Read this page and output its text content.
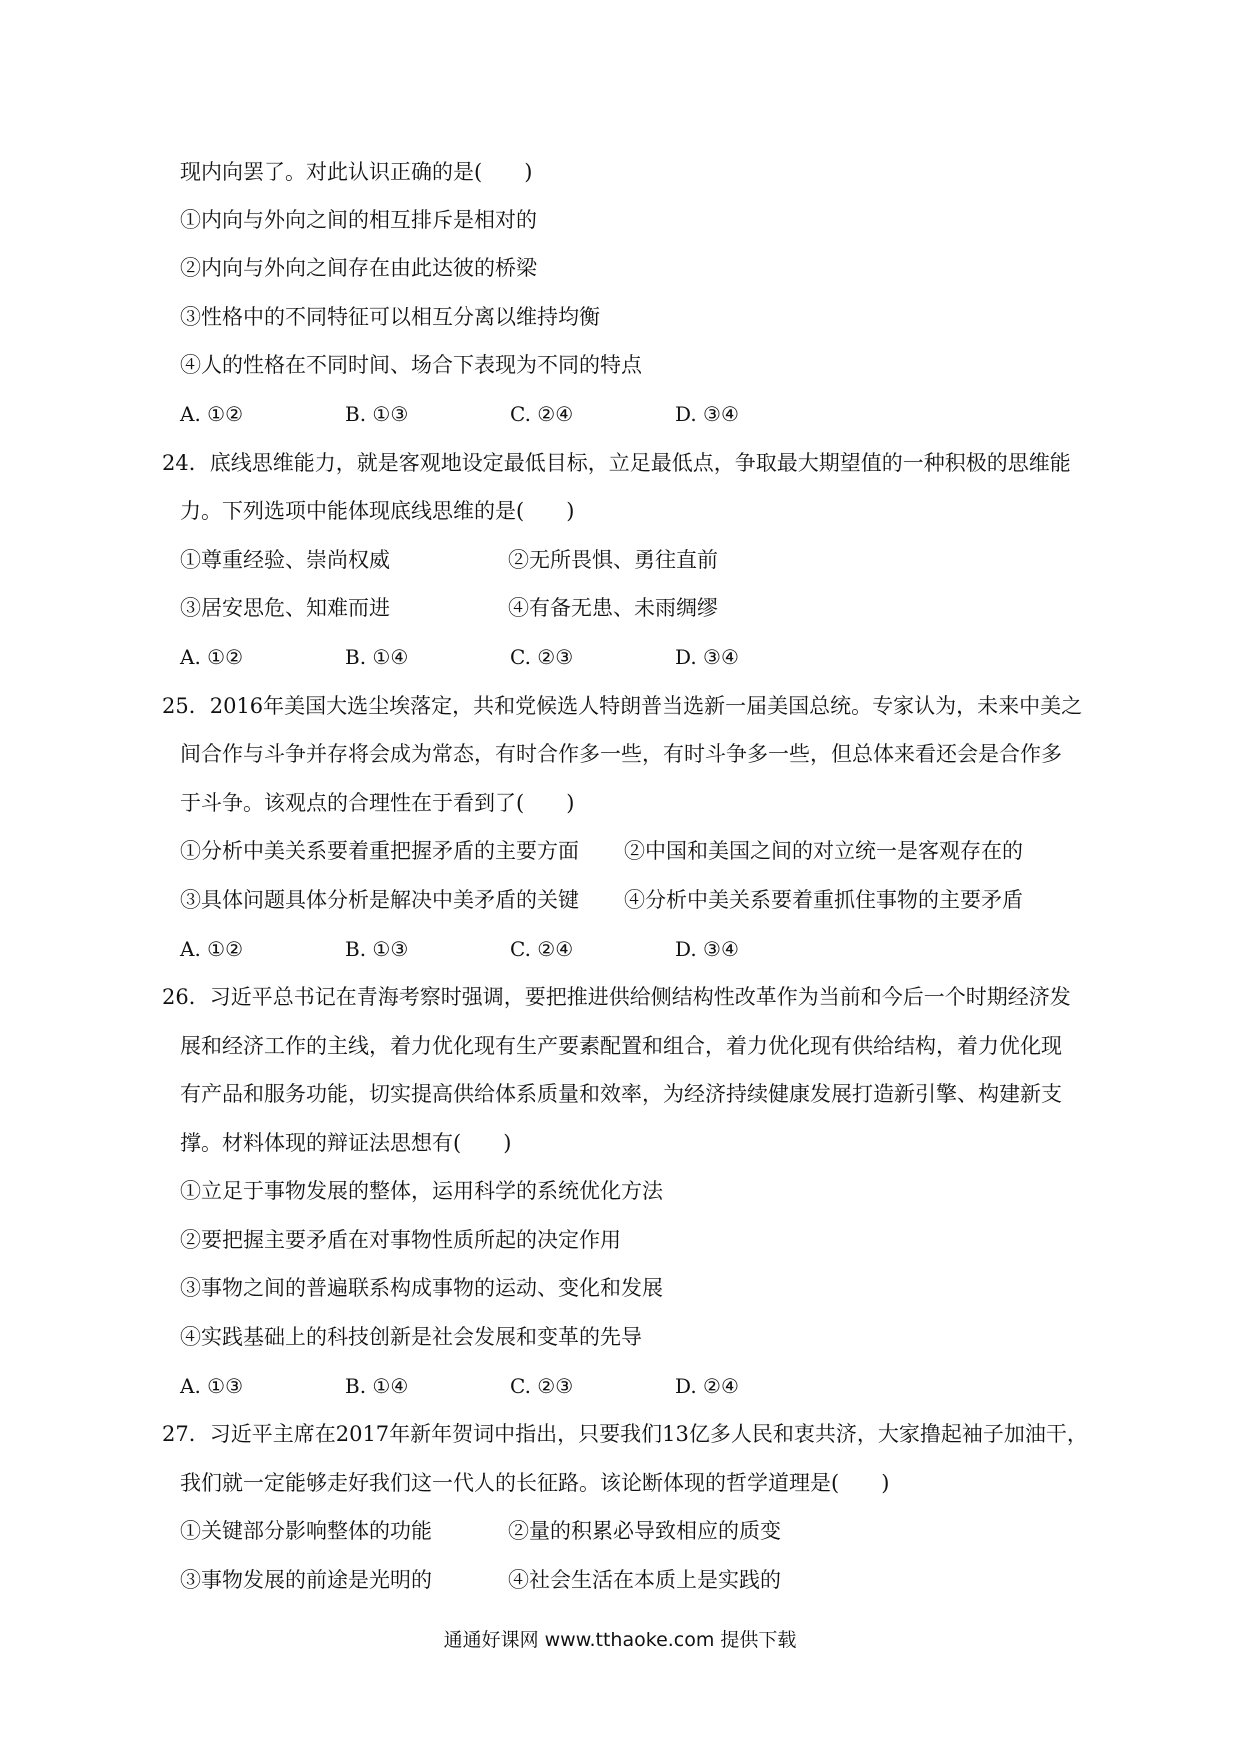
现内向罢了。对此认识正确的是(　　)
①内向与外向之间的相互排斥是相对的
②内向与外向之间存在由此达彼的桥梁
③性格中的不同特征可以相互分离以维持均衡
④人的性格在不同时间、场合下表现为不同的特点
A. ①②	B. ①③	C. ②④	D. ③④
24．底线思维能力，就是客观地设定最低目标，立足最低点，争取最大期望值的一种积极的思维能
力。下列选项中能体现底线思维的是(　　)
①尊重经验、崇尚权威	②无所畏惧、勇往直前
③居安思危、知难而进	④有备无患、未雨绸缪
A. ①②	B. ①④	C. ②③	D. ③④
25．2016年美国大选尘埃落定，共和党候选人特朗普当选新一届美国总统。专家认为，未来中美之
间合作与斗争并存将会成为常态，有时合作多一些，有时斗争多一些，但总体来看还会是合作多
于斗争。该观点的合理性在于看到了(　　)
①分析中美关系要着重把握矛盾的主要方面 ②中国和美国之间的对立统一是客观存在的
③具体问题具体分析是解决中美矛盾的关键 ④分析中美关系要着重抓住事物的主要矛盾
A. ①②	B. ①③	C. ②④	D. ③④
26．习近平总书记在青海考察时强调，要把推进供给侧结构性改革作为当前和今后一个时期经济发
展和经济工作的主线，着力优化现有生产要素配置和组合，着力优化现有供给结构，着力优化现
有产品和服务功能，切实提高供给体系质量和效率，为经济持续健康发展打造新引擎、构建新支
撑。材料体现的辩证法思想有(　　)
①立足于事物发展的整体，运用科学的系统优化方法
②要把握主要矛盾在对事物性质所起的决定作用
③事物之间的普遍联系构成事物的运动、变化和发展
④实践基础上的科技创新是社会发展和变革的先导
A. ①③	B. ①④	C. ②③	D. ②④
27．习近平主席在2017年新年贺词中指出，只要我们13亿多人民和衷共济，大家撸起袖子加油干，
我们就一定能够走好我们这一代人的长征路。该论断体现的哲学道理是(　　)
①关键部分影响整体的功能	②量的积累必导致相应的质变
③事物发展的前途是光明的	④社会生活在本质上是实践的
通通好课网 www.tthaoke.com 提供下载
